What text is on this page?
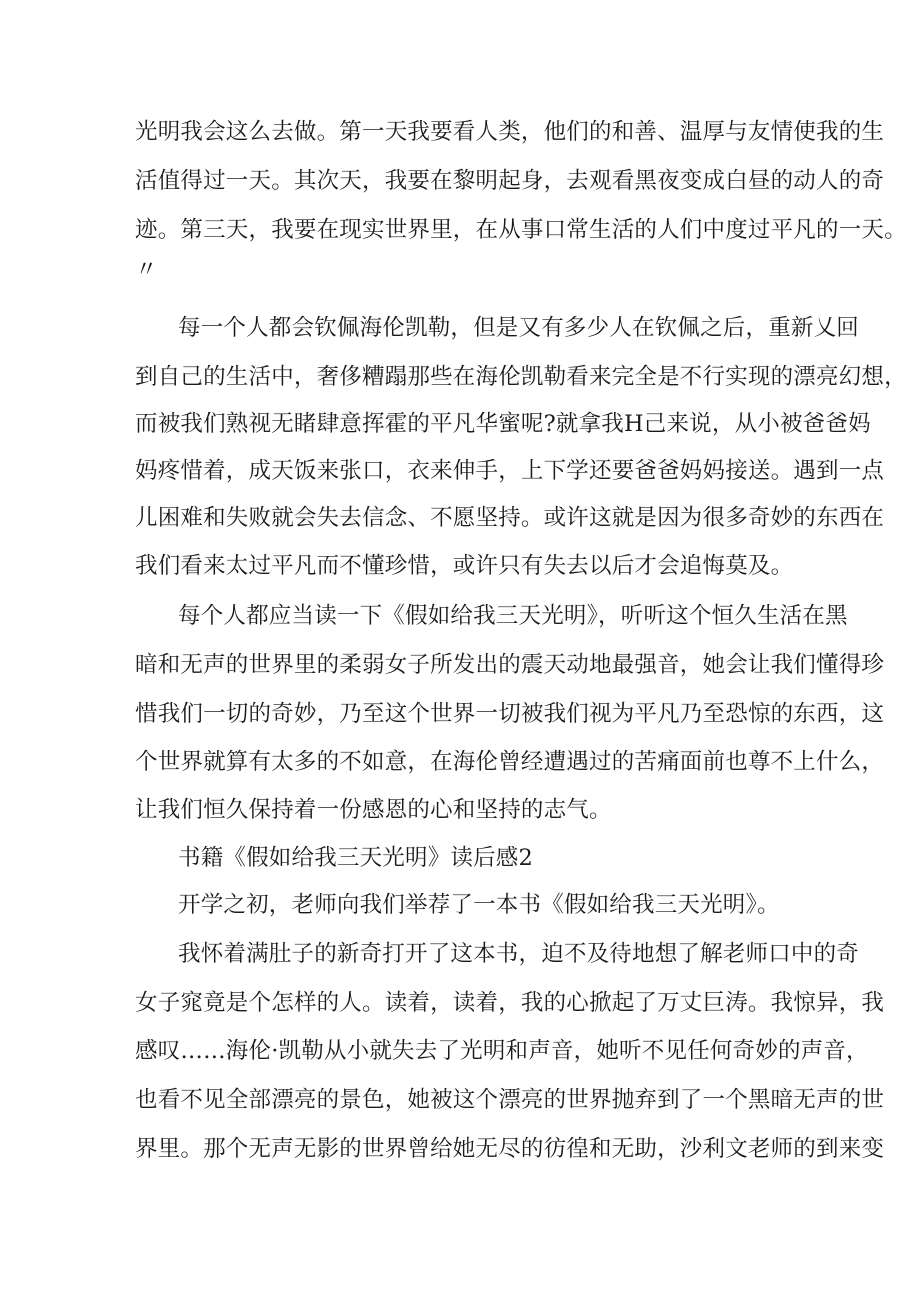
光明我会这么去做。第一天我要看人类，他们的和善、温厚与友情使我的生
活值得过一天。其次天，我要在黎明起身，去观看黑夜变成白昼的动人的奇
迹。第三天，我要在现实世界里，在从事口常生活的人们中度过平凡的一天。
〃
每一个人都会钦佩海伦凯勒，但是又有多少人在钦佩之后，重新乂回
到自己的生活中，奢侈糟蹋那些在海伦凯勒看来完全是不行实现的漂亮幻想，
而被我们熟视无睹肆意挥霍的平凡华蜜呢?就拿我H己来说，从小被爸爸妈
妈疼惜着，成天饭来张口，衣来伸手，上下学还要爸爸妈妈接送。遇到一点
儿困难和失败就会失去信念、不愿坚持。或许这就是因为很多奇妙的东西在
我们看来太过平凡而不懂珍惜，或许只有失去以后才会追悔莫及。
每个人都应当读一下《假如给我三天光明》，听听这个恒久生活在黑
暗和无声的世界里的柔弱女子所发出的震天动地最强音，她会让我们懂得珍
惜我们一切的奇妙，乃至这个世界一切被我们视为平凡乃至恐惊的东西，这
个世界就算有太多的不如意，在海伦曾经遭遇过的苦痛面前也尊不上什么，
让我们恒久保持着一份感恩的心和坚持的志气。
书籍《假如给我三天光明》读后感2
开学之初，老师向我们举荐了一本书《假如给我三天光明》。
我怀着满肚子的新奇打开了这本书，迫不及待地想了解老师口中的奇
女子窕竟是个怎样的人。读着，读着，我的心掀起了万丈巨涛。我惊异，我
感叹……海伦·凯勒从小就失去了光明和声音，她听不见任何奇妙的声音，
也看不见全部漂亮的景色，她被这个漂亮的世界抛弃到了一个黑暗无声的世
界里。那个无声无影的世界曾给她无尽的彷徨和无助，沙利文老师的到来变
